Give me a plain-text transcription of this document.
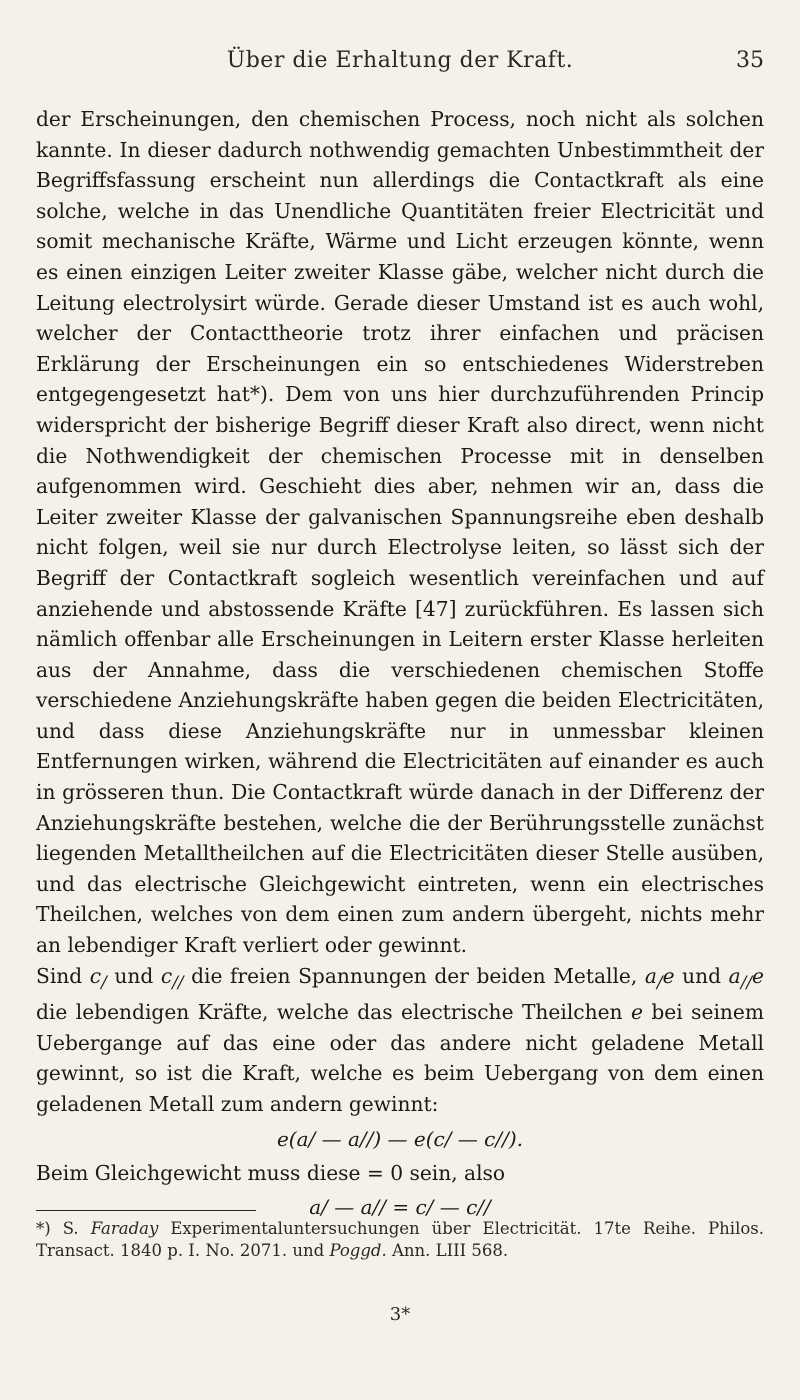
Über die Erhaltung der Kraft.	35

der Erscheinungen, den chemischen Process, noch nicht als solchen kannte. In dieser dadurch nothwendig gemachten Unbestimmtheit der Begriffsfassung erscheint nun allerdings die Contactkraft als eine solche, welche in das Unendliche Quantitäten freier Electricität und somit mechanische Kräfte, Wärme und Licht erzeugen könnte, wenn es einen einzigen Leiter zweiter Klasse gäbe, welcher nicht durch die Leitung electrolysirt würde. Gerade dieser Umstand ist es auch wohl, welcher der Contacttheorie trotz ihrer einfachen und präcisen Erklärung der Erscheinungen ein so entschiedenes Widerstreben entgegengesetzt hat*). Dem von uns hier durchzuführenden Princip widerspricht der bisherige Begriff dieser Kraft also direct, wenn nicht die Nothwendigkeit der chemischen Processe mit in denselben aufgenommen wird. Geschieht dies aber, nehmen wir an, dass die Leiter zweiter Klasse der galvanischen Spannungsreihe eben deshalb nicht folgen, weil sie nur durch Electrolyse leiten, so lässt sich der Begriff der Contactkraft sogleich wesentlich vereinfachen und auf anziehende und abstossende Kräfte [47] zurückführen. Es lassen sich nämlich offenbar alle Erscheinungen in Leitern erster Klasse herleiten aus der Annahme, dass die verschiedenen chemischen Stoffe verschiedene Anziehungskräfte haben gegen die beiden Electricitäten, und dass diese Anziehungskräfte nur in unmessbar kleinen Entfernungen wirken, während die Electricitäten auf einander es auch in grösseren thun. Die Contactkraft würde danach in der Differenz der Anziehungskräfte bestehen, welche die der Berührungsstelle zunächst liegenden Metalltheilchen auf die Electricitäten dieser Stelle ausüben, und das electrische Gleichgewicht eintreten, wenn ein electrisches Theilchen, welches von dem einen zum andern übergeht, nichts mehr an lebendiger Kraft verliert oder gewinnt.

Sind $c_/$ und $c_{//}$ die freien Spannungen der beiden Metalle, $a_/e$ und $a_{//}e$ die lebendigen Kräfte, welche das electrische Theilchen e bei seinem Uebergange auf das eine oder das andere nicht geladene Metall gewinnt, so ist die Kraft, welche es beim Uebergang von dem einen geladenen Metall zum andern gewinnt:

e(a/ — a//) — e(c/ — c//).

Beim Gleichgewicht muss diese = 0 sein, also

a/ — a// = c/ — c//
*) S. Faraday Experimentaluntersuchungen über Electricität. 17te Reihe. Philos. Transact. 1840 p. I. No. 2071. und Poggd. Ann. LIII 568.
3*
